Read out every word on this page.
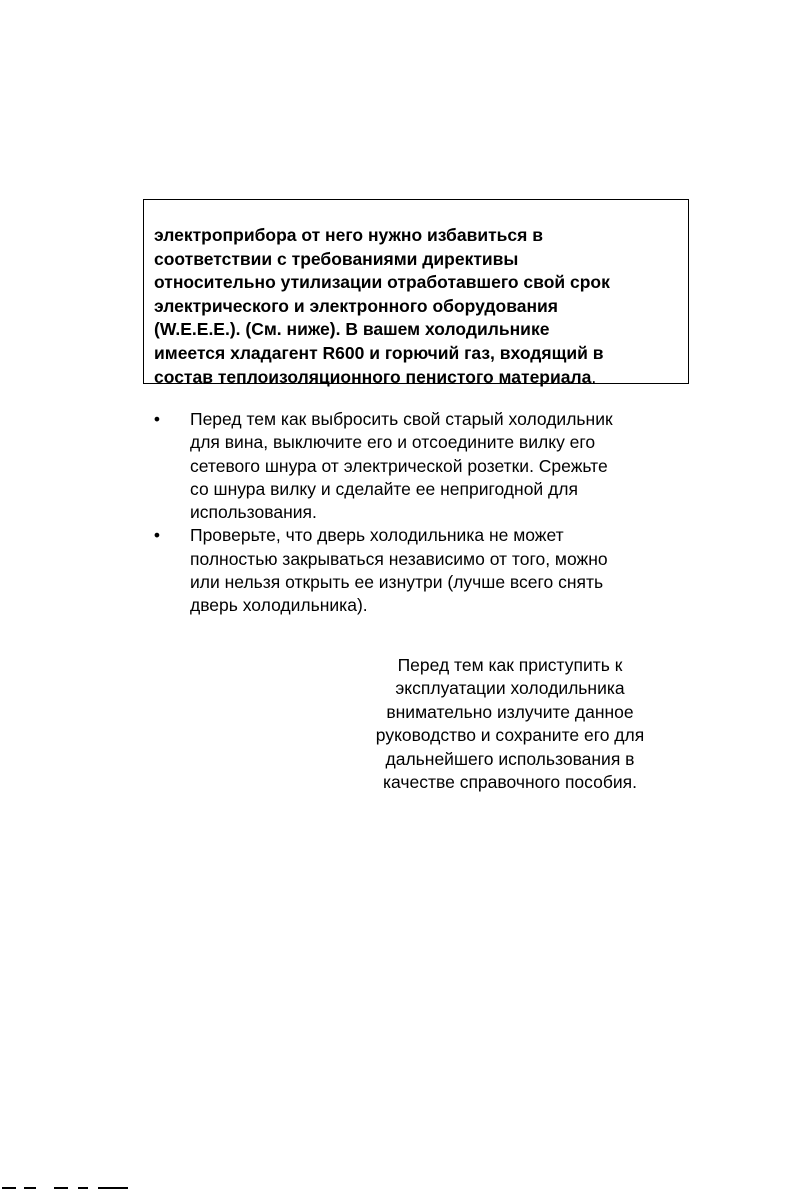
электроприбора от него нужно избавиться в
соответствии с требованиями директивы
относительно утилизации отработавшего свой срок
электрического и электронного оборудования
(W.E.E.E.). (См. ниже). В вашем холодильнике
имеется хладагент R600 и горючий газ, входящий в
состав теплоизоляционного пенистого материала.
• Перед тем как выбросить свой старый холодильник
для вина, выключите его и отсоедините вилку его
сетевого шнура от электрической розетки. Срежьте
со шнура вилку и сделайте ее непригодной для
использования.
• Проверьте, что дверь холодильника не может
полностью закрываться независимо от того, можно
или нельзя открыть ее изнутри (лучше всего снять
дверь холодильника).
Перед тем как приступить к
эксплуатации холодильника
внимательно излучите данное
руководство и сохраните его для
дальнейшего использования в
качестве справочного пособия.
